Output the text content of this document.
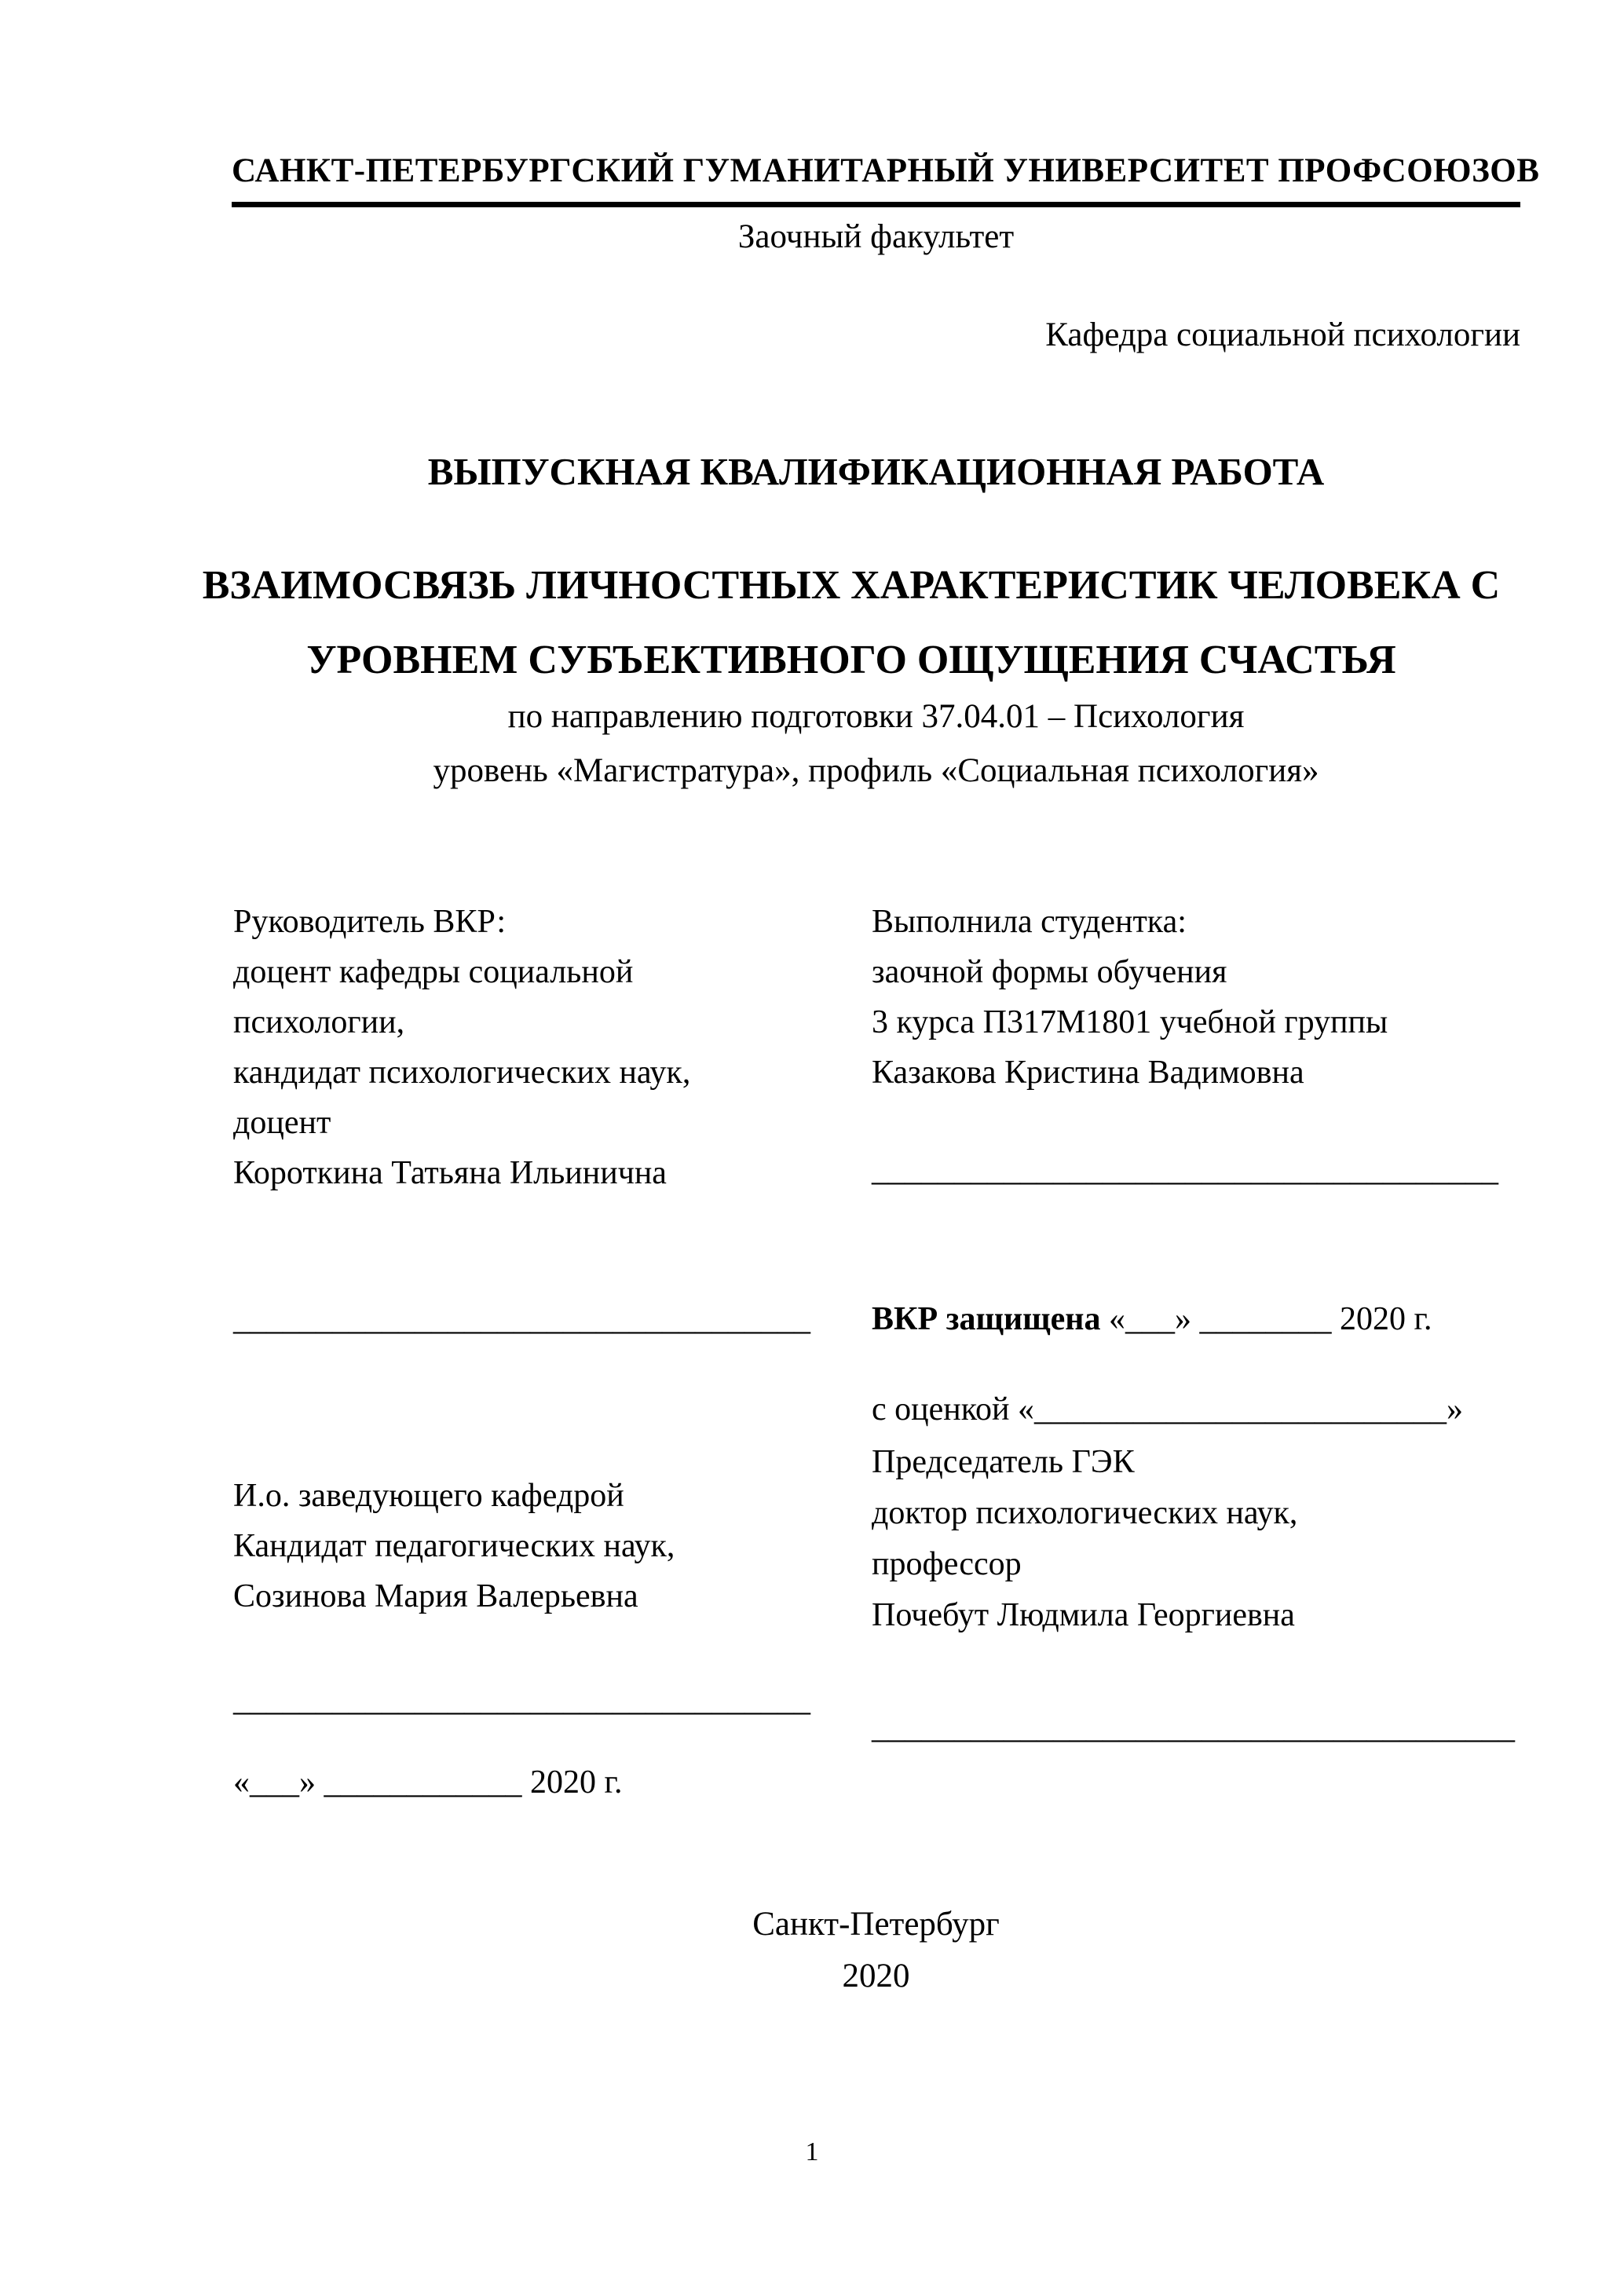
САНКТ-ПЕТЕРБУРГСКИЙ ГУМАНИТАРНЫЙ УНИВЕРСИТЕТ ПРОФСОЮЗОВ
Заочный факультет
Кафедра социальной психологии
ВЫПУСКНАЯ КВАЛИФИКАЦИОННАЯ РАБОТА
ВЗАИМОСВЯЗЬ ЛИЧНОСТНЫХ ХАРАКТЕРИСТИК ЧЕЛОВЕКА С
УРОВНЕМ СУБЪЕКТИВНОГО ОЩУЩЕНИЯ СЧАСТЬЯ
по направлению подготовки 37.04.01 – Психология
уровень «Магистратура», профиль «Социальная психология»
Руководитель ВКР:
доцент кафедры социальной
психологии,
кандидат психологических наук,
доцент
Короткина Татьяна Ильинична
___________________________________
И.о. заведующего кафедрой
Кандидат педагогических наук,
Созинова Мария Валерьевна
___________________________________
«___» ____________ 2020 г.
Выполнила студентка:
заочной формы обучения
3 курса П317М1801 учебной группы
Казакова Кристина Вадимовна
______________________________________
ВКР защищена «___» ________ 2020 г.
с оценкой «_________________________»
Председатель ГЭК
доктор психологических наук,
профессор
Почебут Людмила Георгиевна
_______________________________________
Санкт-Петербург
2020
1
